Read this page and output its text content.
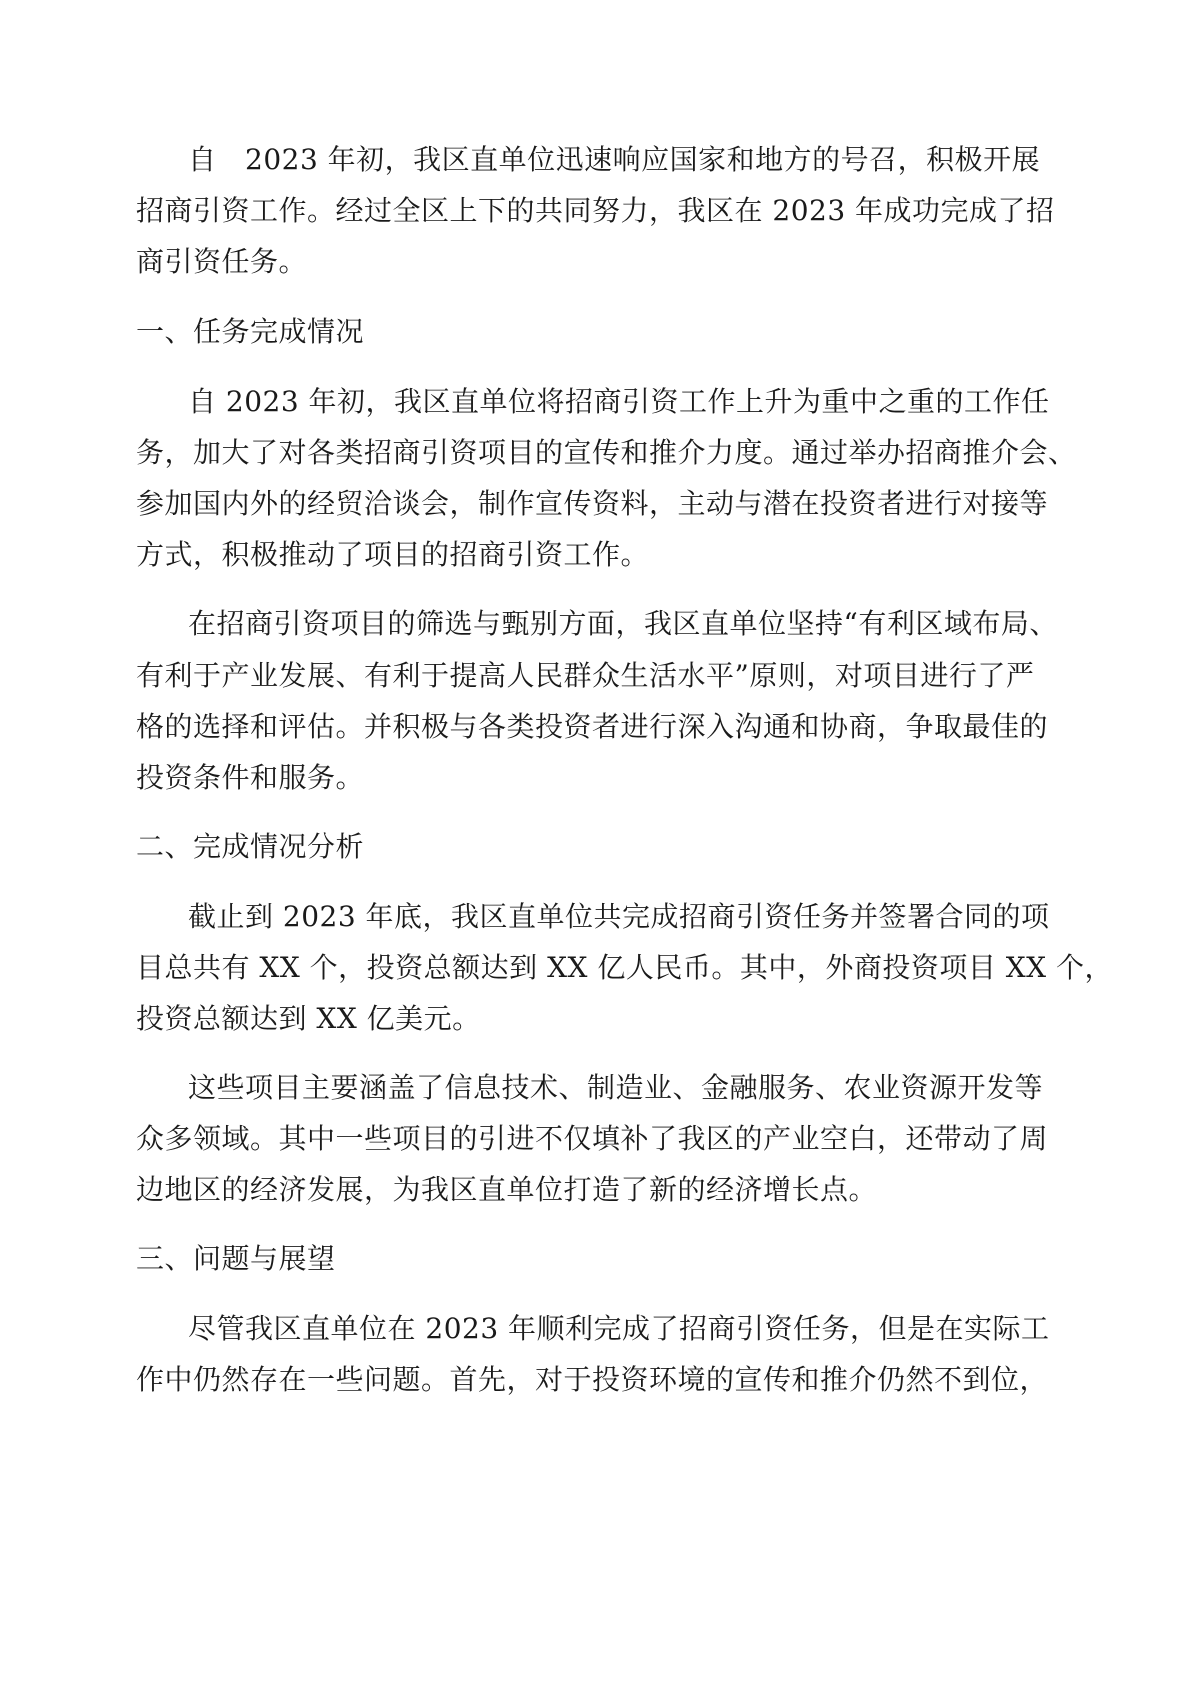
自　2023 年初，我区直单位迅速响应国家和地方的号召，积极开展

招商引资工作。经过全区上下的共同努力，我区在 2023 年成功完成了招

商引资任务。

一、任务完成情况

自 2023 年初，我区直单位将招商引资工作上升为重中之重的工作任

务，加大了对各类招商引资项目的宣传和推介力度。通过举办招商推介会、

参加国内外的经贸洽谈会，制作宣传资料，主动与潜在投资者进行对接等

方式，积极推动了项目的招商引资工作。

在招商引资项目的筛选与甄别方面，我区直单位坚持“有利区域布局、

有利于产业发展、有利于提高人民群众生活水平”原则，对项目进行了严

格的选择和评估。并积极与各类投资者进行深入沟通和协商，争取最佳的

投资条件和服务。

二、完成情况分析

截止到 2023 年底，我区直单位共完成招商引资任务并签署合同的项

目总共有 XX 个，投资总额达到 XX 亿人民币。其中，外商投资项目 XX 个，

投资总额达到 XX 亿美元。

这些项目主要涵盖了信息技术、制造业、金融服务、农业资源开发等

众多领域。其中一些项目的引进不仅填补了我区的产业空白，还带动了周

边地区的经济发展，为我区直单位打造了新的经济增长点。

三、问题与展望

尽管我区直单位在 2023 年顺利完成了招商引资任务，但是在实际工

作中仍然存在一些问题。首先，对于投资环境的宣传和推介仍然不到位，
